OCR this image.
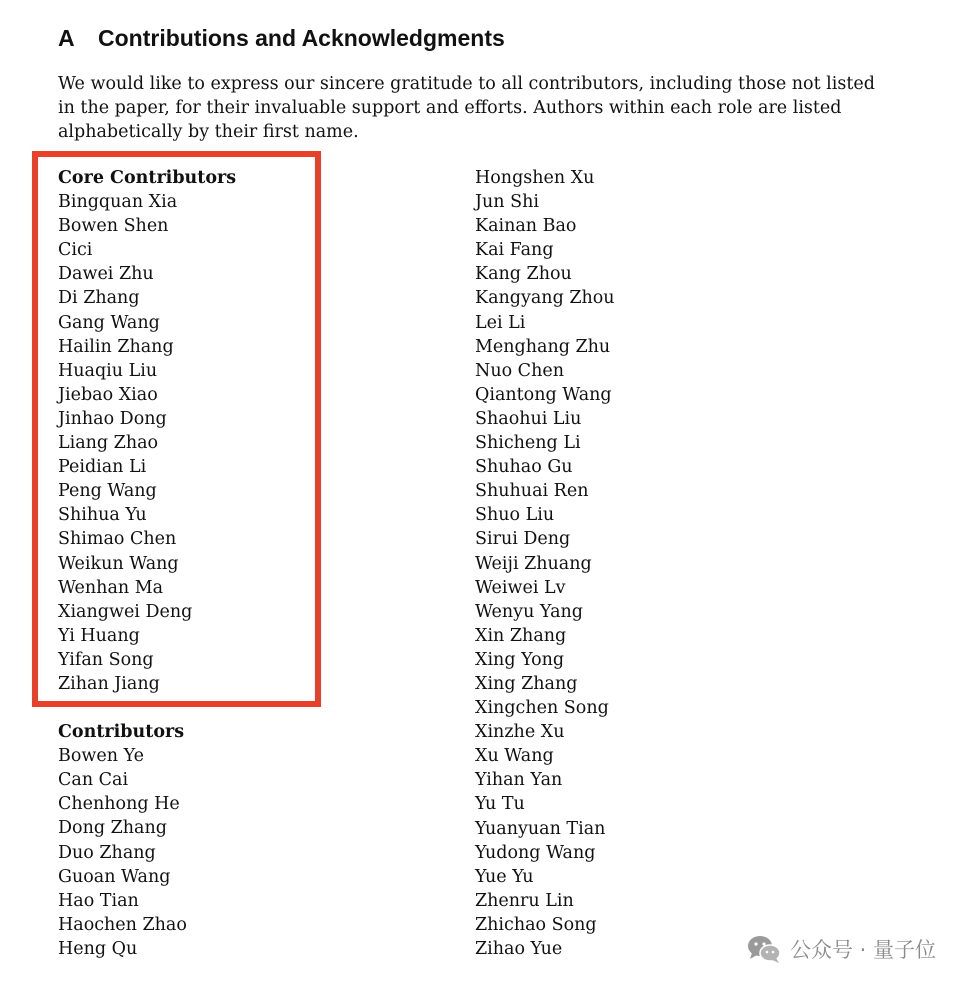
A Contributions and Acknowledgments

We would like to express our sincere gratitude to all contributors, including those not listed in the paper, for their invaluable support and efforts. Authors within each role are listed alphabetically by their first name.

Core Contributors
Bingquan Xia
Bowen Shen
Cici
Dawei Zhu
Di Zhang
Gang Wang
Hailin Zhang
Huaqiu Liu
Jiebao Xiao
Jinhao Dong
Liang Zhao
Peidian Li
Peng Wang
Shihua Yu
Shimao Chen
Weikun Wang
Wenhan Ma
Xiangwei Deng
Yi Huang
Yifan Song
Zihan Jiang
Contributors
Bowen Ye
Can Cai
Chenhong He
Dong Zhang
Duo Zhang
Guoan Wang
Hao Tian
Haochen Zhao
Heng Qu
Hongshen Xu
Jun Shi
Kainan Bao
Kai Fang
Kang Zhou
Kangyang Zhou
Lei Li
Menghang Zhu
Nuo Chen
Qiantong Wang
Shaohui Liu
Shicheng Li
Shuhao Gu
Shuhuai Ren
Shuo Liu
Sirui Deng
Weiji Zhuang
Weiwei Lv
Wenyu Yang
Xin Zhang
Xing Yong
Xing Zhang
Xingchen Song
Xinzhe Xu
Xu Wang
Yihan Yan
Yu Tu
Yuanyuan Tian
Yudong Wang
Yue Yu
Zhenru Lin
Zhichao Song
Zihao Yue	公众号 · 量子位
